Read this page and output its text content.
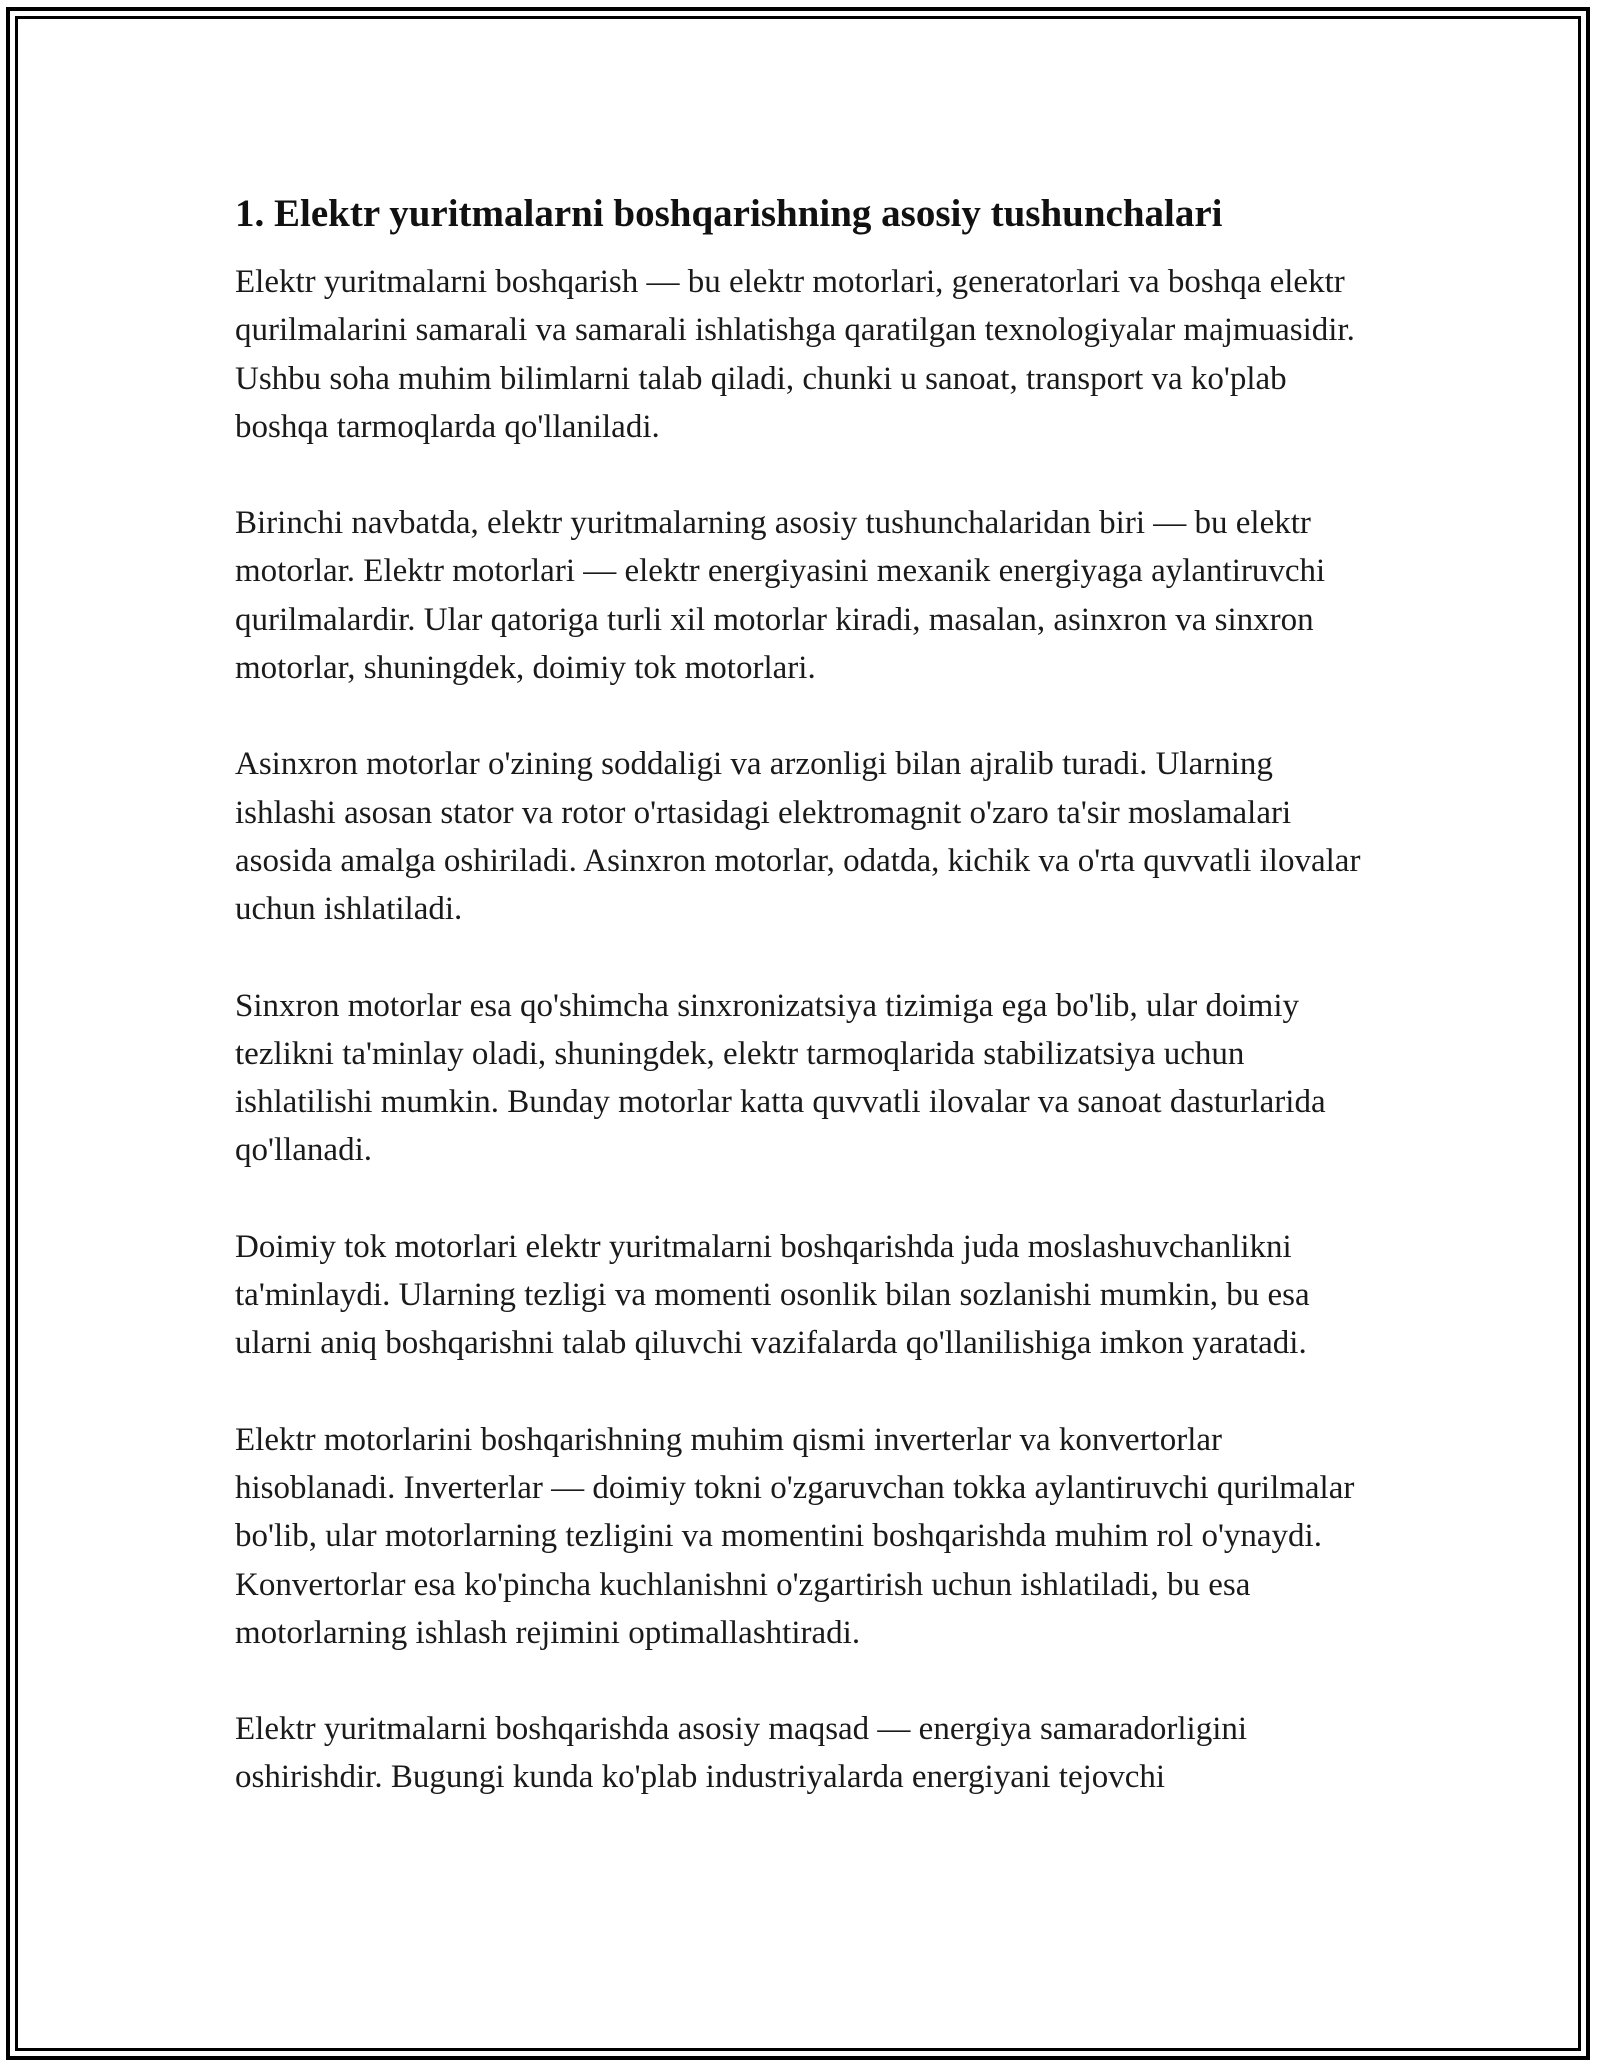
1. Elektr yuritmalarni boshqarishning asosiy tushunchalari

Elektr yuritmalarni boshqarish — bu elektr motorlari, generatorlari va boshqa elektr qurilmalarini samarali va samarali ishlatishga qaratilgan texnologiyalar majmuasidir. Ushbu soha muhim bilimlarni talab qiladi, chunki u sanoat, transport va ko'plab boshqa tarmoqlarda qo'llaniladi.

Birinchi navbatda, elektr yuritmalarning asosiy tushunchalaridan biri — bu elektr motorlar. Elektr motorlari — elektr energiyasini mexanik energiyaga aylantiruvchi qurilmalardir. Ular qatoriga turli xil motorlar kiradi, masalan, asinxron va sinxron motorlar, shuningdek, doimiy tok motorlari.

Asinxron motorlar o'zining soddaligi va arzonligi bilan ajralib turadi. Ularning ishlashi asosan stator va rotor o'rtasidagi elektromagnit o'zaro ta'sir moslamalari asosida amalga oshiriladi. Asinxron motorlar, odatda, kichik va o'rta quvvatli ilovalar uchun ishlatiladi.

Sinxron motorlar esa qo'shimcha sinxronizatsiya tizimiga ega bo'lib, ular doimiy tezlikni ta'minlay oladi, shuningdek, elektr tarmoqlarida stabilizatsiya uchun ishlatilishi mumkin. Bunday motorlar katta quvvatli ilovalar va sanoat dasturlarida qo'llanadi.

Doimiy tok motorlari elektr yuritmalarni boshqarishda juda moslashuvchanlikni ta'minlaydi. Ularning tezligi va momenti osonlik bilan sozlanishi mumkin, bu esa ularni aniq boshqarishni talab qiluvchi vazifalarda qo'llanilishiga imkon yaratadi.

Elektr motorlarini boshqarishning muhim qismi inverterlar va konvertorlar hisoblanadi. Inverterlar — doimiy tokni o'zgaruvchan tokka aylantiruvchi qurilmalar bo'lib, ular motorlarning tezligini va momentini boshqarishda muhim rol o'ynaydi. Konvertorlar esa ko'pincha kuchlanishni o'zgartirish uchun ishlatiladi, bu esa motorlarning ishlash rejimini optimallashtiradi.

Elektr yuritmalarni boshqarishda asosiy maqsad — energiya samaradorligini oshirishdir. Bugungi kunda ko'plab industriyalarda energiyani tejovchi
